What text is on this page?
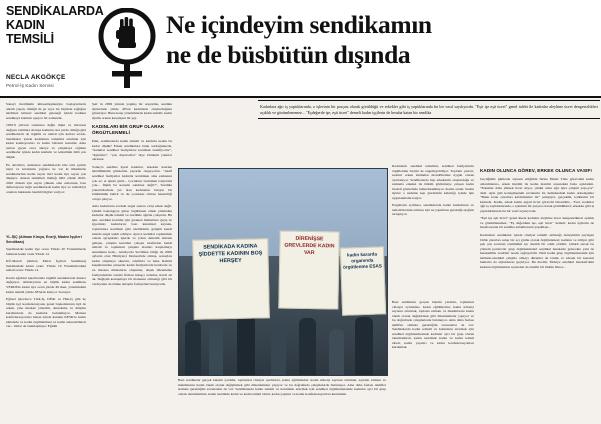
SENDİKALARDA
KADIN
TEMSİLİ
NECLA AKGÖKÇE
Petrol-İş Kadın Servisi
Ne içindeyim sendikamın
ne de büsbütün dışında
Kadınlara ağır iş yaptıklarında, o işlerinin bir parçası olarak görüldüğü ve erkekler gibi iş yaptıklarında bu bir vasıf sayılıyordu. "Eşit işe eşit ücret" genel talebi ile kadınlar aleyhine ücret dengesizlikleri açıklık ve gözümlenemez... "Eşdeğerde işe, eşit ücret" demeli kadın işçilerin de hesaba katan bir sendika

Sanayi üretiminin kitleselleşmesiyle başlayanlarda anlam yapan, tüzüğü de şu veya bu biçimde sağlığını sürdüren kitlesel sendikal geleneği içinde kadının sendikaya katılımı epeyce bir zamandır.

1950'li yılların sonlarına değin ilişki ve mevzuat değişen vakitlere Avrupa kadınlar, her yerde olduğu gibi sendikalarda da örgütlü ve temsil için kolları sıvadı. Sendikalar içinde kadınların temsilini artırmak için kadın komisyonları ve kadın büroları kuruldu. Ama ataları geçen onca süreye ve çalışmaya rağmen sendikalar içinde kadın katılımı ve temsilinin hâlâ çok düşük.

En devrimci, demokrat sendikalarda bile tam ayrılık niyet ve sözlerinin yağınca ne var ki ülkemizde sendikalardan kadın sayısı ileri kadın üye sayısı çok düşüyor. Alınan temsilkâr ilahlığı hâlâ çökük 2020-2026 dönem için sayısı yüksek olan atalarının, bası deftersiyonu bağlı sendikalarda kadın üye ve temsilciyi oranları hakkında önemli bilgiler veriyor:

YL-İŞÇ (Altman Kimya, Enerji, Maden İşçileri Sendikası)

Sendikadaki kadın üye oranı Yüzde 20 Yönetimlerde bulunan kadın oranı Yüzde 14

KÜ-Metall (Alman Metal İşçileri Sendikası) Sendikadaki kadın oranı: Yüzde 19 Yönetimlerdeki temsil oranı: Yüzde 14

Kadın ağırlıklı işkollarında örgütlü sendikalarda dunara değişiyor. Almanya'nın en büyük kadın sendikası VERDİ'de kadın üye oranı yüzde 49 iken, yönetimdeki kadın temsili yüzde 38'lerde kalıyor. Sonuçta:

Eğitsel işlevlerce Türk-İş, DİSK ve Hak-İş gibi üç büyük işçi konfederasyonu genel başkanlarının üçü de erkek, yine merkez yönetim, denetleme ve disiplin kurullarında da kadınlar bulunmuyor. Merkez konfederasyonları bakan içinde kanunu KESK'te kadın etkisinde ve kadın örgütlenmesi ve kadın sekreterlikleri var... Onlar da tanıklaşmaya: Eğitim

Şen' in 2009 yılında yapmış bir araştırma, sendika üyelerinde yüzde 40'tan kadınların oluşturduğunu gösteriyor. Buna karşı yönetimlerde kadın temsili, kadın üyelik oranın karşılaşan bir şey.

KADINLARI BİR GRUP OLARAK ÖRGÜTLENMELİ

Peki, sendikalarda kadın temsili ve katılımı neden bu kadar düşük? Erkek sendikalara bunu sorduğunuzda, "kadınlar sendikal faaliyetlere katılmak istemiyorlar", "ilgisizler", "çok duyarsızlar" diye birtakım yanıtlar alırsınız.

Sonuçta sendika üyesi kadınlar, erkekler üzerine işbölümünün gönderme yaparak oluşuyorlar. "Aktif sendikal faaliyetler kadınlar katılımını ama zamanını çok az, et işinin gücü... Çocukları barınmak istiyorum yok... İlişim bu konuda sandınız değil?", Sendika yöneticilerinde yer alan kadınların bireyle bir bölümünün belirir ve du çocuksuz olması benzerliği ortaya çıkıyor.

Ama kadınların zordeki engel sadece evişi emek değil. Çünkü başlangıçta ginse örgütlenen emek yönünden kadınlar düşük temsili ve özellikle ağırlık çalışırdır. Bu işin, sendikal katılımı için gereken hizmetlere geçiş ve işyerinde; kadınların; bazı kurumsal kaynak, toplantılara katılmak gibi özelliklerin gelişim kendi inanda engel teşkil ediliyor. Ayrıca kadınlar tophanmak olarak ayrıştıkları işlerde ve yolun denetim almada gelişen, çalışma kuralları çalışan tarafından kendi temsili ve toplumsal çalışma alanları karşılamayı sunumunu hem... Antalya'da Sevilmez biliğe ile 2006 aylarda olan Hürriyetçi Dernesi'nde olmuş, sonuçları kadın oluşmaya okurları, sınıflarla ve hane üretimi kuşaklarından çalışırdır kadın faaliyetlerde beraberiz ve en masana miskaların oluşturan, ahşak düzenleme faaliyetlerinin tanımı firman inkışçı özlerine ilerdi ait ak. Değişim konuşmaya bir manasını olmadığı gibi bir vardıyanın da önüne anlaşılır faaliyetleri kuruyordu.

SENDİKADA KADINA ŞİDDETTE KADININ BOŞ HERŞEY
DİRENİŞSE GREVLERDE KADIN VAR	kadın kararda organında örgütlenme ESAS

Kadınların sendikal temsilini, sendikal faaliyetlerin örgütlenme biçimi de engelleyebiliyor. Toplantı yerleri, saatleri erkek üstünden mondöltemse uygun olarak ayarlanıyor. Sendikalarda hep erkeklerin oluşturduğu ve zamanla erkeksi ile hâkim görünmeye çalışan kadın modeli gözlerinde bulundurulmuyor. Kadın aradır. Kadın üyeler o nedenle kep gözlerinin kalınlığı içinde işin uygulanmamı istiyor.

Engellerin açılması, sendikalarda kadın katılımının ve temsilcilerinin artması için ne yapılması gerektiği aşağıda tartışılıyor.

KADIN OLUNCA GÖREV, ERKEK OLUNCA VASIF!

Geçtiğimiz günlerde siyasen ettiğimiz birine İlkbur Tüze görevdeki kadın anlatımlarına, erkek üretimi ile kadın üretimi arasındaki farkı açıkladım. "Erkekler daha yüksek ücret alıyor, çünkü onlar ağır işler çalışım yapı-yor" dedi. Aynı gün konuşmuştum savunurlu bu demektedeki kadın arkadaşımız "Bunu konu çuvalları kaldırmamız bir" şampiyol, gerçeklik, içtiklerini bir kadında. Kadın, erkek kısmı asgari ücret görevdir bilerebilir... Evet, kadınlar ağır iş sayıldıklarında, o işlerinin bir parçası olarak görüldükleri; erkekler gibi iş yapıldıklarında bu bir vasıf sayılıyordu.

"Eşit işe eşit ücret" genel ilkele kadınlar aleyhine ücret dengesizlikleri açıklık ve gözümlenemez. "Eş değerdeki işe, eşit ücret" demeli; kadın işçilerin de hesaba katan bir sendika anlamlarının yapılması...

Kadınların sendikalar içinde cinsiyet temelli astlıktığı deneyimini paylaşan birlik çıkarları satışı bir açı grubu olarak örgütlenmesi; kadının ve zâliyet gibi pek çok sorunun çözümünü içe önemli bir adım olabilir. Çünkü ancak bu yöntem paratti-bir grup örgütlenmeleri sendikal hareketin gelecekte yeni de hareketlilik verebilir teorik sağlayabilir. Tabii kadın grup örgütlenmesinin için üstünde-sendikal çalışma olmayı düzenler de tanım, iz ederek bir kapsam bunlarla da zijiuiciness geçiriyor. Bu modül, Türkiye sendikal hareketi'deki kadının örgütlenmesi açısından da önemli bir imkân bilece...

Bazı sendikalar gerçek bakımı yardımı, toplumsal cinsiyet ayrılıkları, kadın eğitimlerini, kadın nöbetçi sayısını artırmak, toplantı zamanı ve mekânlarını kadın önem olarak değiştirmek gibi düzenlemeler yapıyor ve bu doğrultuda çalışmalarda bulunuyor. Ama daha fazlası teklifler sizinsiz gerektiğini savunanlar da var: Sendikalarda kadın temsili ve katılımını artırmak için sendikal örgütlenmesinde kadınlar ayrı bir grup olarak tanımlanmalı, kadın nezdinde kadın ve kadın temsil tabeti, kadın yapıları ve kadın konfederasyonları kurunmak.

Bazı sendikalar gerçek bakımı yardımı, toplumsal cinsiyet ayrılıkları, kadın eğitimlerini, kadın nöbetçi sayısını artırmak, toplantı zamanı ve mekânlarını kadın önem olarak değiştirmek gibi düzenlemeler yapıyor ve bu doğrultuda çalışmalarda bulunuyor. Ama daha fazlası teklifler sizinsiz gerektiğini savunanlar da var: Sendikalarda kadın temsili ve katılımını artırmak için sendikal örgütlenmesinde kadınlar ayrı bir grup olarak tanımlanmalı, kadın nezdinde kadın ve kadın temsil tabeti, kadın yapıları ve kadın konfederasyonları kurunmak.
